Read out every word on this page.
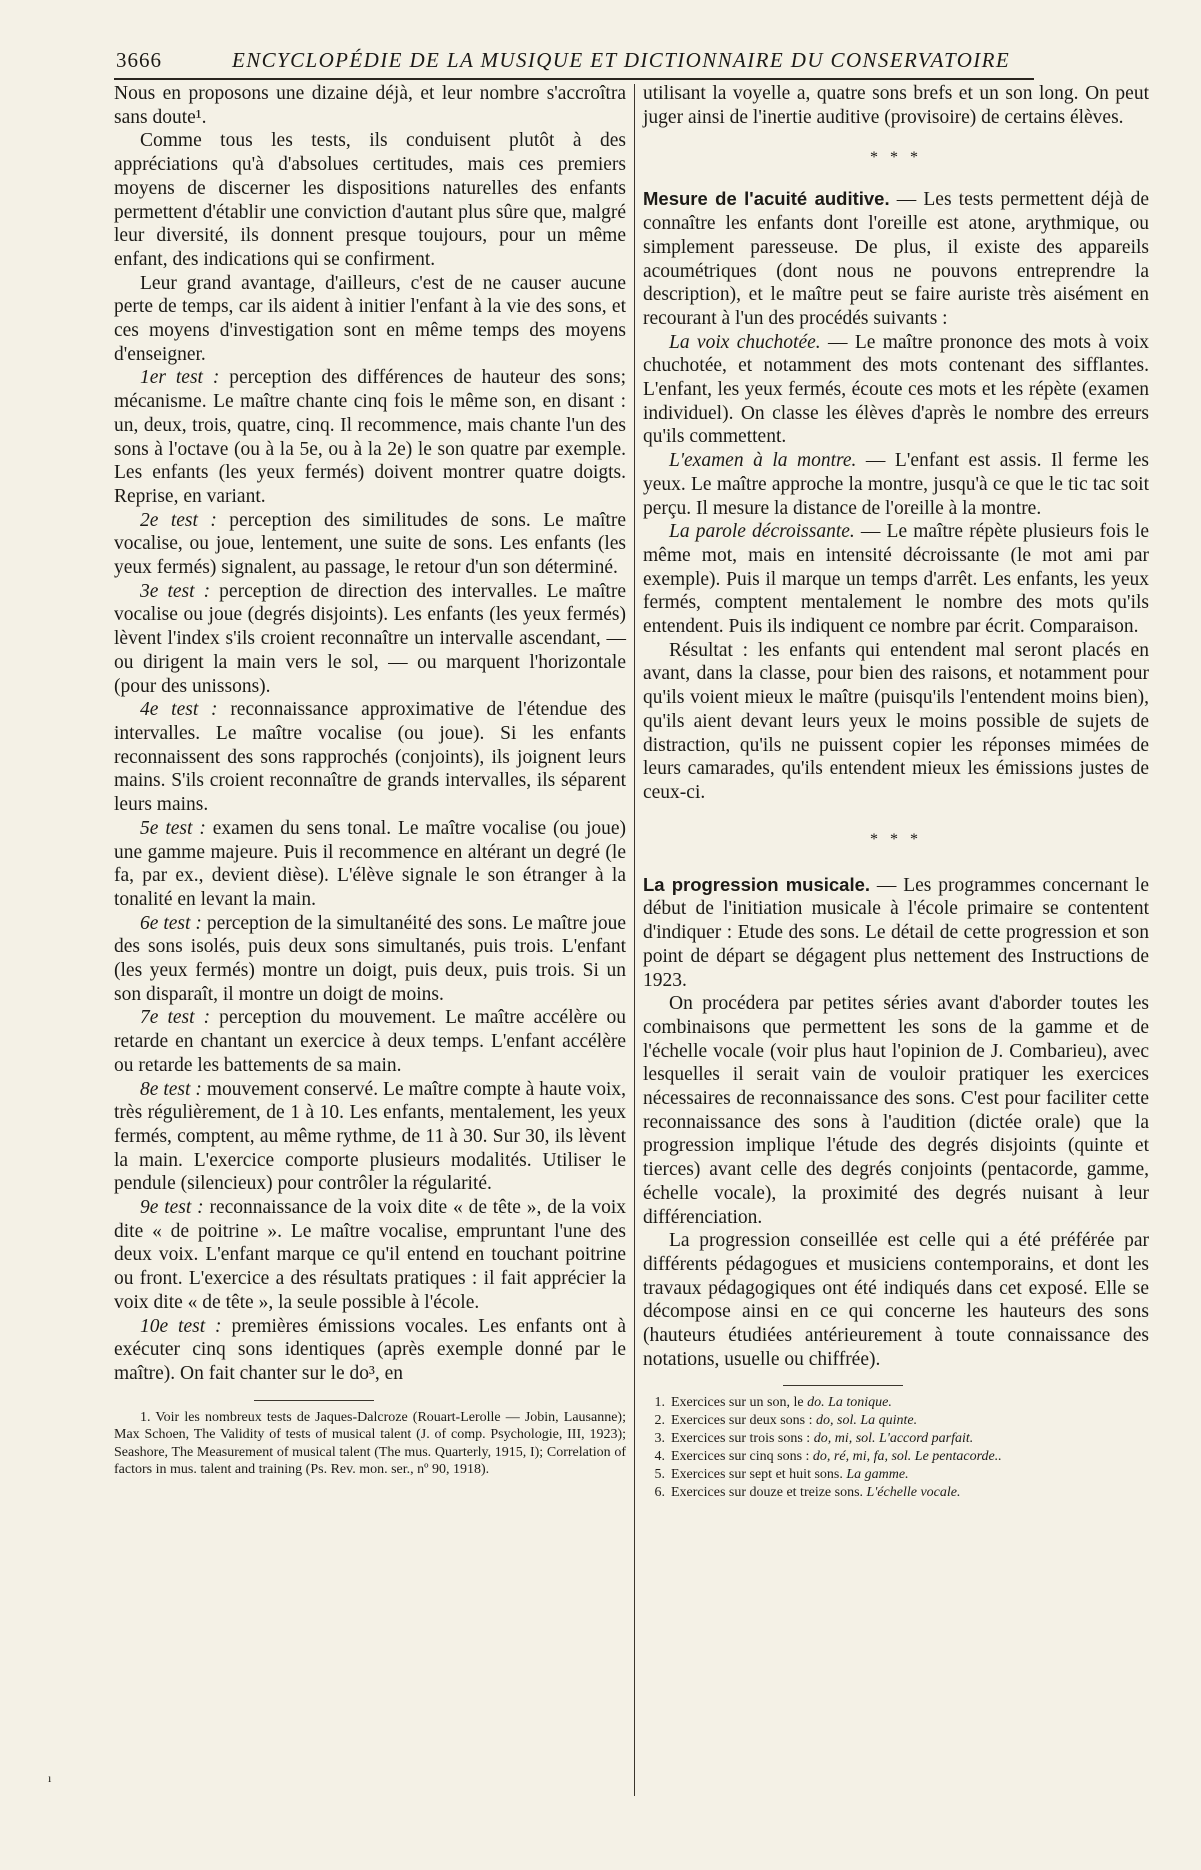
3666	ENCYCLOPÉDIE DE LA MUSIQUE ET DICTIONNAIRE DU CONSERVATOIRE

Nous en proposons une dizaine déjà, et leur nombre s'accroîtra sans doute¹.

Comme tous les tests, ils conduisent plutôt à des appréciations qu'à d'absolues certitudes, mais ces premiers moyens de discerner les dispositions naturelles des enfants permettent d'établir une conviction d'autant plus sûre que, malgré leur diversité, ils donnent presque toujours, pour un même enfant, des indications qui se confirment.

Leur grand avantage, d'ailleurs, c'est de ne causer aucune perte de temps, car ils aident à initier l'enfant à la vie des sons, et ces moyens d'investigation sont en même temps des moyens d'enseigner.

1er test : perception des différences de hauteur des sons; mécanisme. Le maître chante cinq fois le même son, en disant : un, deux, trois, quatre, cinq. Il recommence, mais chante l'un des sons à l'octave (ou à la 5e, ou à la 2e) le son quatre par exemple. Les enfants (les yeux fermés) doivent montrer quatre doigts. Reprise, en variant.

2e test : perception des similitudes de sons. Le maître vocalise, ou joue, lentement, une suite de sons. Les enfants (les yeux fermés) signalent, au passage, le retour d'un son déterminé.

3e test : perception de direction des intervalles. Le maître vocalise ou joue (degrés disjoints). Les enfants (les yeux fermés) lèvent l'index s'ils croient reconnaître un intervalle ascendant, — ou dirigent la main vers le sol, — ou marquent l'horizontale (pour des unissons).

4e test : reconnaissance approximative de l'étendue des intervalles. Le maître vocalise (ou joue). Si les enfants reconnaissent des sons rapprochés (conjoints), ils joignent leurs mains. S'ils croient reconnaître de grands intervalles, ils séparent leurs mains.

5e test : examen du sens tonal. Le maître vocalise (ou joue) une gamme majeure. Puis il recommence en altérant un degré (le fa, par ex., devient dièse). L'élève signale le son étranger à la tonalité en levant la main.

6e test : perception de la simultanéité des sons. Le maître joue des sons isolés, puis deux sons simultanés, puis trois. L'enfant (les yeux fermés) montre un doigt, puis deux, puis trois. Si un son disparaît, il montre un doigt de moins.

7e test : perception du mouvement. Le maître accélère ou retarde en chantant un exercice à deux temps. L'enfant accélère ou retarde les battements de sa main.

8e test : mouvement conservé. Le maître compte à haute voix, très régulièrement, de 1 à 10. Les enfants, mentalement, les yeux fermés, comptent, au même rythme, de 11 à 30. Sur 30, ils lèvent la main. L'exercice comporte plusieurs modalités. Utiliser le pendule (silencieux) pour contrôler la régularité.

9e test : reconnaissance de la voix dite « de tête », de la voix dite « de poitrine ». Le maître vocalise, empruntant l'une des deux voix. L'enfant marque ce qu'il entend en touchant poitrine ou front. L'exercice a des résultats pratiques : il fait apprécier la voix dite « de tête », la seule possible à l'école.

10e test : premières émissions vocales. Les enfants ont à exécuter cinq sons identiques (après exemple donné par le maître). On fait chanter sur le do³, en

1. Voir les nombreux tests de Jaques-Dalcroze (Rouart-Lerolle — Jobin, Lausanne); Max Schoen, The Validity of tests of musical talent (J. of comp. Psychologie, III, 1923); Seashore, The Measurement of musical talent (The mus. Quarterly, 1915, I); Correlation of factors in mus. talent and training (Ps. Rev. mon. ser., nº 90, 1918).

utilisant la voyelle a, quatre sons brefs et un son long. On peut juger ainsi de l'inertie auditive (provisoire) de certains élèves.

* * *

Mesure de l'acuité auditive. — Les tests permettent déjà de connaître les enfants dont l'oreille est atone, arythmique, ou simplement paresseuse. De plus, il existe des appareils acoumétriques (dont nous ne pouvons entreprendre la description), et le maître peut se faire auriste très aisément en recourant à l'un des procédés suivants :

La voix chuchotée. — Le maître prononce des mots à voix chuchotée, et notamment des mots contenant des sifflantes. L'enfant, les yeux fermés, écoute ces mots et les répète (examen individuel). On classe les élèves d'après le nombre des erreurs qu'ils commettent.

L'examen à la montre. — L'enfant est assis. Il ferme les yeux. Le maître approche la montre, jusqu'à ce que le tic tac soit perçu. Il mesure la distance de l'oreille à la montre.

La parole décroissante. — Le maître répète plusieurs fois le même mot, mais en intensité décroissante (le mot ami par exemple). Puis il marque un temps d'arrêt. Les enfants, les yeux fermés, comptent mentalement le nombre des mots qu'ils entendent. Puis ils indiquent ce nombre par écrit. Comparaison.

Résultat : les enfants qui entendent mal seront placés en avant, dans la classe, pour bien des raisons, et notamment pour qu'ils voient mieux le maître (puisqu'ils l'entendent moins bien), qu'ils aient devant leurs yeux le moins possible de sujets de distraction, qu'ils ne puissent copier les réponses mimées de leurs camarades, qu'ils entendent mieux les émissions justes de ceux-ci.

* * *

La progression musicale. — Les programmes concernant le début de l'initiation musicale à l'école primaire se contentent d'indiquer : Etude des sons. Le détail de cette progression et son point de départ se dégagent plus nettement des Instructions de 1923.

On procédera par petites séries avant d'aborder toutes les combinaisons que permettent les sons de la gamme et de l'échelle vocale (voir plus haut l'opinion de J. Combarieu), avec lesquelles il serait vain de vouloir pratiquer les exercices nécessaires de reconnaissance des sons. C'est pour faciliter cette reconnaissance des sons à l'audition (dictée orale) que la progression implique l'étude des degrés disjoints (quinte et tierces) avant celle des degrés conjoints (pentacorde, gamme, échelle vocale), la proximité des degrés nuisant à leur différenciation.

La progression conseillée est celle qui a été préférée par différents pédagogues et musiciens contemporains, et dont les travaux pédagogiques ont été indiqués dans cet exposé. Elle se décompose ainsi en ce qui concerne les hauteurs des sons (hauteurs étudiées antérieurement à toute connaissance des notations, usuelle ou chiffrée).

1. Exercices sur un son, le do. La tonique.
2. Exercices sur deux sons : do, sol. La quinte.
3. Exercices sur trois sons : do, mi, sol. L'accord parfait.
4. Exercices sur cinq sons : do, ré, mi, fa, sol. Le pentacorde..
5. Exercices sur sept et huit sons. La gamme.
6. Exercices sur douze et treize sons. L'échelle vocale.
ı
